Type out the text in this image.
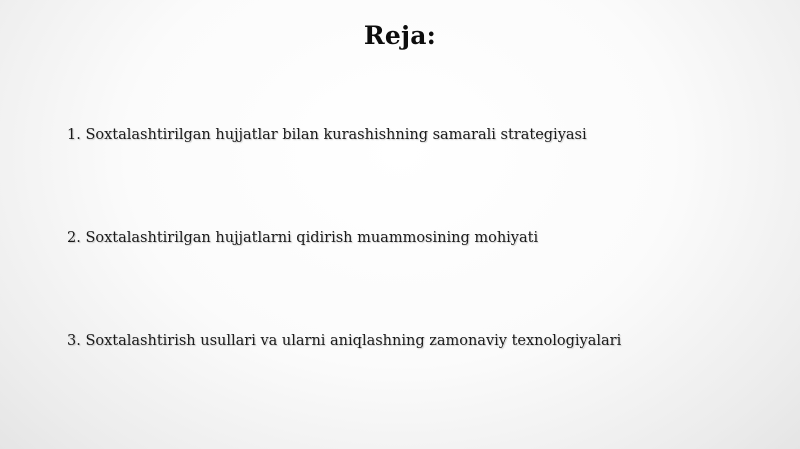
Reja:
1. Soxtalashtirilgan hujjatlar bilan kurashishning samarali strategiyasi
2. Soxtalashtirilgan hujjatlarni qidirish muammosining mohiyati
3. Soxtalashtirish usullari va ularni aniqlashning zamonaviy texnologiyalari
